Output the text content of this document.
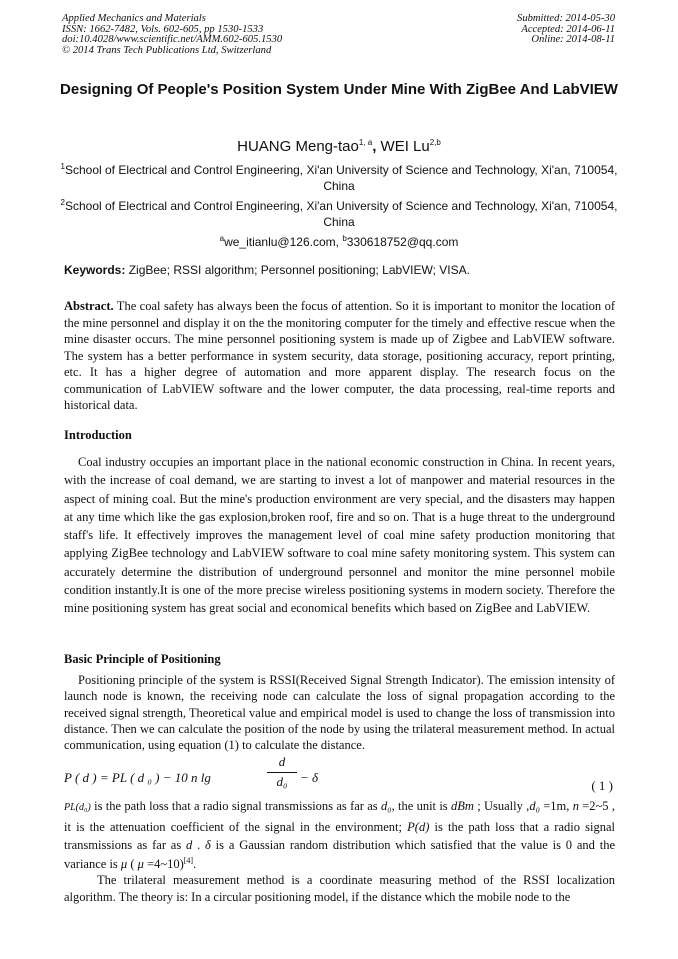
Applied Mechanics and Materials
ISSN: 1662-7482, Vols. 602-605, pp 1530-1533
doi:10.4028/www.scientific.net/AMM.602-605.1530
© 2014 Trans Tech Publications Ltd, Switzerland
Submitted: 2014-05-30
Accepted: 2014-06-11
Online: 2014-08-11
Designing Of People's Position System Under Mine With ZigBee And LabVIEW
HUANG Meng-tao$^{1, a}$, WEI Lu$^{2,b}$
$^1$School of Electrical and Control Engineering, Xi'an University of Science and Technology, Xi'an, 710054, China
$^2$School of Electrical and Control Engineering, Xi'an University of Science and Technology, Xi'an, 710054, China
$^a$we_itianlu@126.com, $^b$330618752@qq.com
Keywords: ZigBee; RSSI algorithm; Personnel positioning; LabVIEW; VISA.
Abstract. The coal safety has always been the focus of attention. So it is important to monitor the location of the mine personnel and display it on the the monitoring computer for the timely and effective rescue when the mine disaster occurs. The mine personnel positioning system is made up of Zigbee and LabVIEW software. The system has a better performance in system security, data storage, positioning accuracy, report printing, etc. It has a higher degree of automation and more apparent display. The research focus on the communication of LabVIEW software and the lower computer, the data processing, real-time reports and historical data.
Introduction
Coal industry occupies an important place in the national economic construction in China. In recent years, with the increase of coal demand, we are starting to invest a lot of manpower and material resources in the aspect of mining coal. But the mine's production environment are very special, and the disasters may happen at any time which like the gas explosion,broken roof, fire and so on. That is a huge threat to the underground staff's life. It effectively improves the management level of coal mine safety production monitoring that applying ZigBee technology and LabVIEW software to coal mine safety monitoring system. This system can accurately determine the distribution of underground personnel and monitor the mine personnel mobile condition instantly.It is one of the more precise wireless positioning systems in modern society. Therefore the mine positioning system has great social and economical benefits which based on ZigBee and LabVIEW.
Basic Principle of Positioning
Positioning principle of the system is RSSI(Received Signal Strength Indicator). The emission intensity of launch node is known, the receiving node can calculate the loss of signal propagation according to the received signal strength, Theoretical value and empirical model is used to change the loss of transmission into distance. Then we can calculate the position of the node by using the trilateral measurement method. In actual communication, using equation (1) to calculate the distance.
P ( d ) = PL ( d ₀ ) − 10 n lg	$\frac{d}{\text{d₀}} - \delta$
( 1 )
PL(d₀) is the path loss that a radio signal transmissions as far as d₀, the unit is dBm ; Usually ,d₀ =1m, n =2~5 , it is the attenuation coefficient of the signal in the environment; P(d) is the path loss that a radio signal transmissions as far as d . δ is a Gaussian random distribution which satisfied that the value is 0 and the variance is μ ( μ =4~10)[4].
The trilateral measurement method is a coordinate measuring method of the RSSI localization algorithm. The theory is: In a circular positioning model, if the distance which the mobile node to the
